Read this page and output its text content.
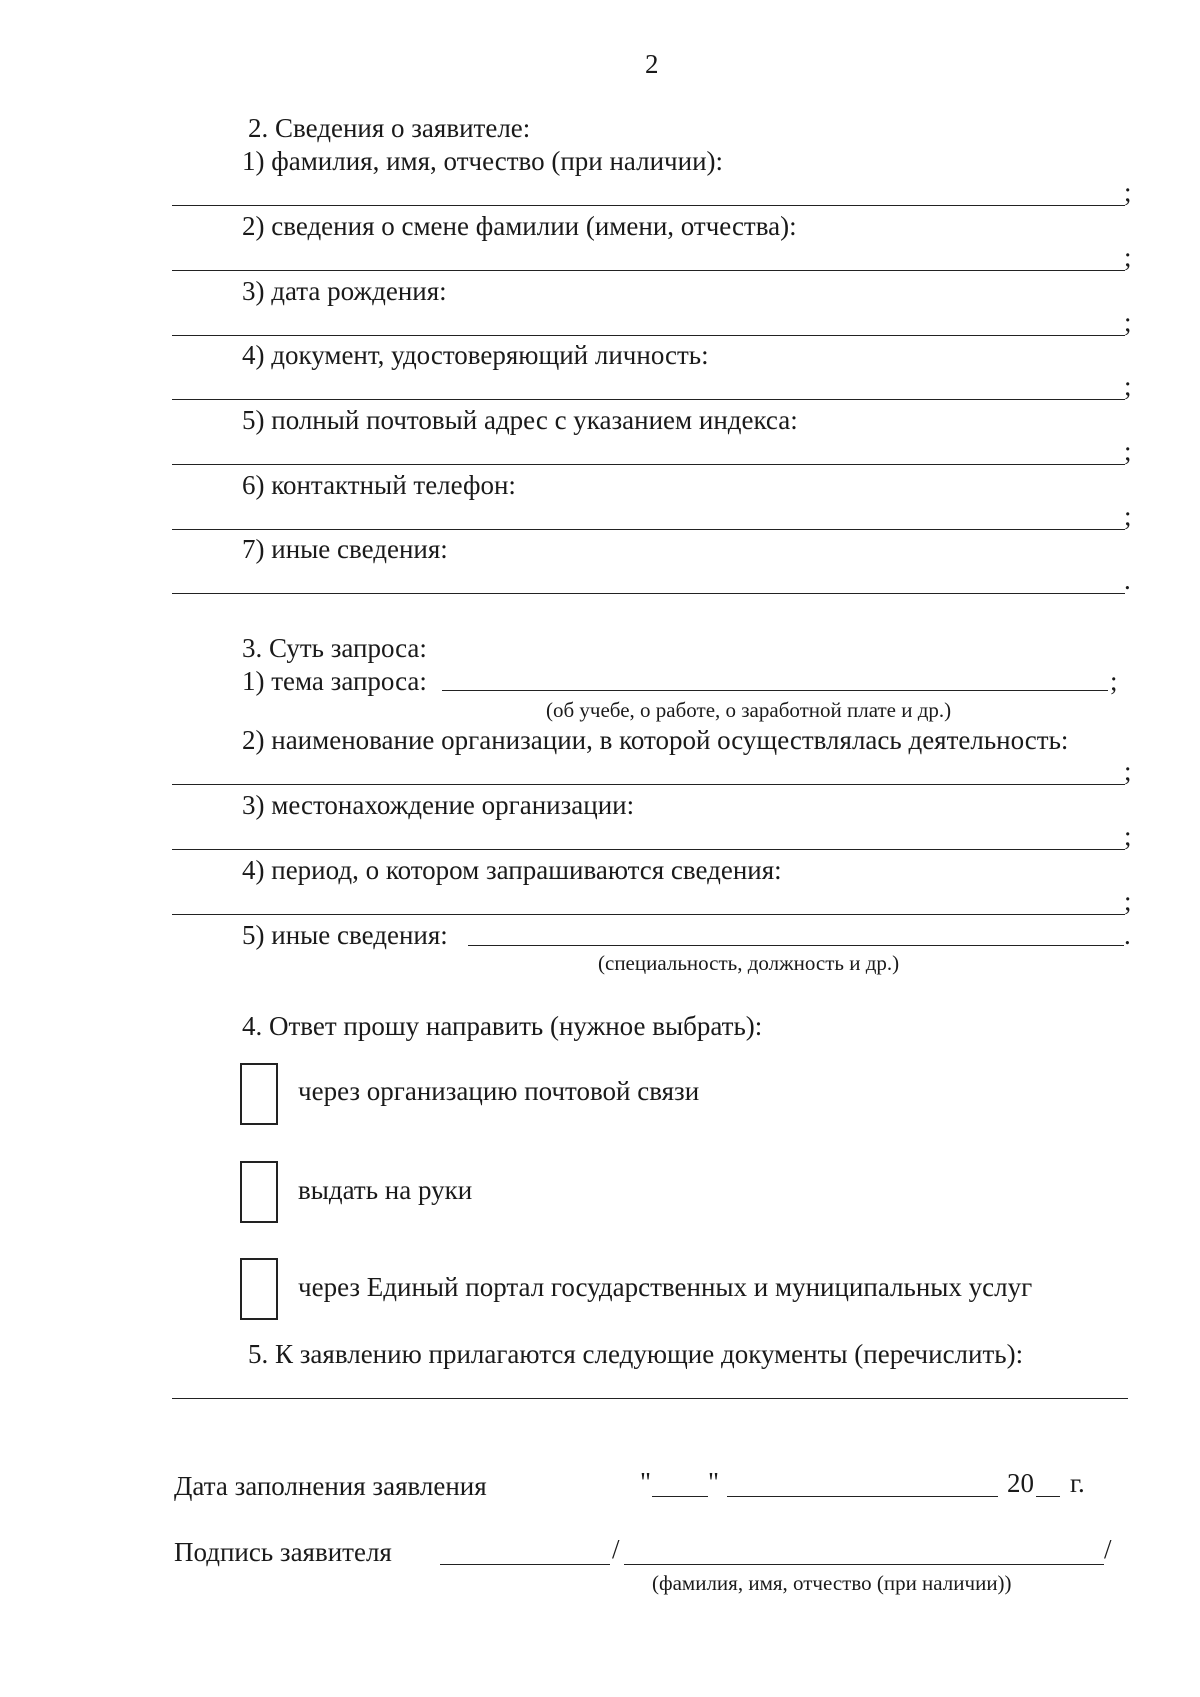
2
2. Сведения о заявителе:
1) фамилия, имя, отчество (при наличии):
;
2) сведения о смене фамилии (имени, отчества):
;
3) дата рождения:
;
4) документ, удостоверяющий личность:
;
5) полный почтовый адрес с указанием индекса:
;
6) контактный телефон:
;
7) иные сведения:
.
3. Суть запроса:
1) тема запроса:	;
(об учебе, о работе, о заработной плате и др.)
2) наименование организации, в которой осуществлялась деятельность:
;
3) местонахождение организации:
;
4) период, о котором запрашиваются сведения:
;
5) иные сведения:	.
(специальность, должность и др.)
4. Ответ прошу направить (нужное выбрать):
через организацию почтовой связи
выдать на руки
через Единый портал государственных и муниципальных услуг
5. К заявлению прилагаются следующие документы (перечислить):
Дата заполнения заявления	" "	20 г.
Подпись заявителя	/	/
(фамилия, имя, отчество (при наличии))
